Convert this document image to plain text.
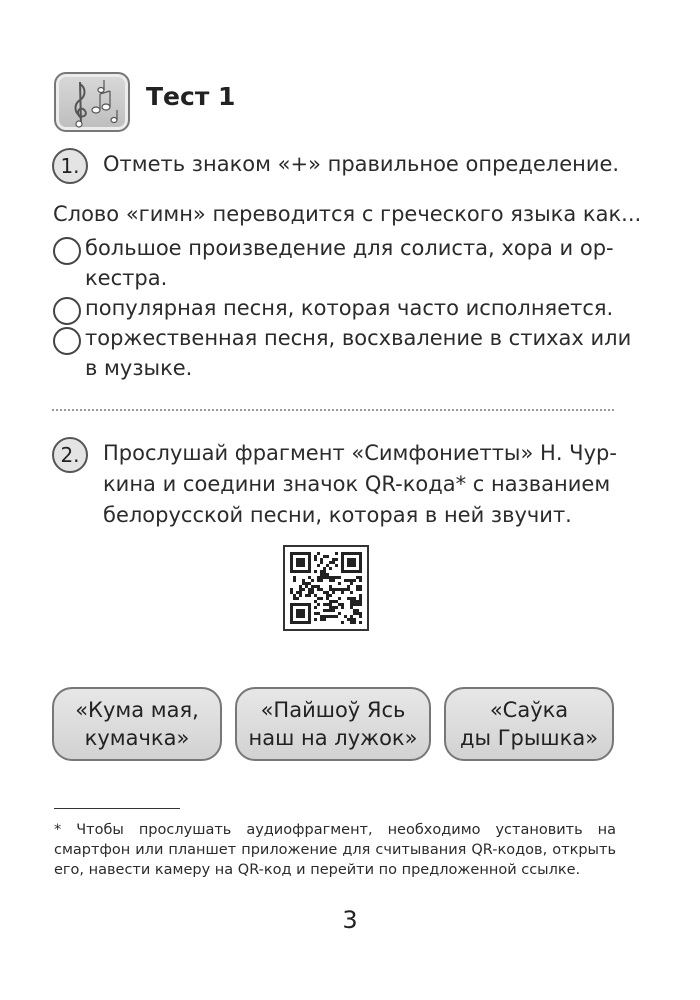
Тест 1
1.	Отметь знаком «+» правильное определение.
Слово «гимн» переводится с греческого языка как...
большое произведение для солиста, хора и ор-
кестра.
популярная песня, которая часто исполняется.
торжественная песня, восхваление в стихах или
в музыке.
2.	Прослушай фрагмент «Симфониетты» Н. Чур-
кина и соедини значок QR-кода* с названием
белорусской песни, которая в ней звучит.
«Кума мая,
кумачка»
«Пайшоў Ясь
наш на лужок»
«Саўка
ды Грышка»
* Чтобы прослушать аудиофрагмент, необходимо установить на смартфон или планшет приложение для считывания QR-кодов, открыть его, навести камеру на QR-код и перейти по предложенной ссылке.
3
